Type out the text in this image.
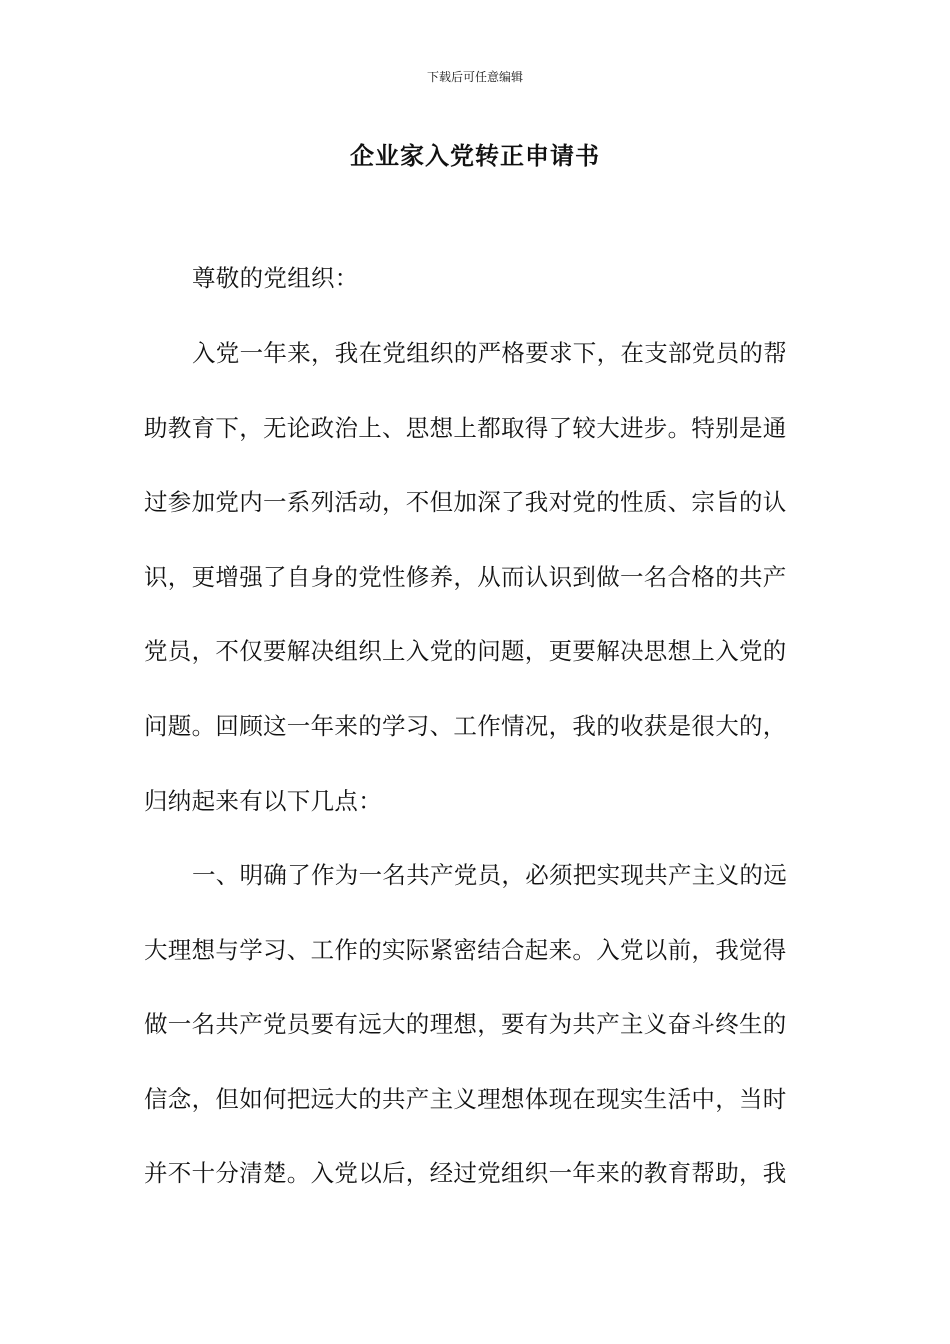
下载后可任意编辑
企业家入党转正申请书
尊敬的党组织：
入党一年来，我在党组织的严格要求下，在支部党员的帮
助教育下，无论政治上、思想上都取得了较大进步。特别是通
过参加党内一系列活动，不但加深了我对党的性质、宗旨的认
识，更增强了自身的党性修养，从而认识到做一名合格的共产
党员，不仅要解决组织上入党的问题，更要解决思想上入党的
问题。回顾这一年来的学习、工作情况，我的收获是很大的，
归纳起来有以下几点：
一、明确了作为一名共产党员，必须把实现共产主义的远
大理想与学习、工作的实际紧密结合起来。入党以前，我觉得
做一名共产党员要有远大的理想，要有为共产主义奋斗终生的
信念，但如何把远大的共产主义理想体现在现实生活中，当时
并不十分清楚。入党以后，经过党组织一年来的教育帮助，我
